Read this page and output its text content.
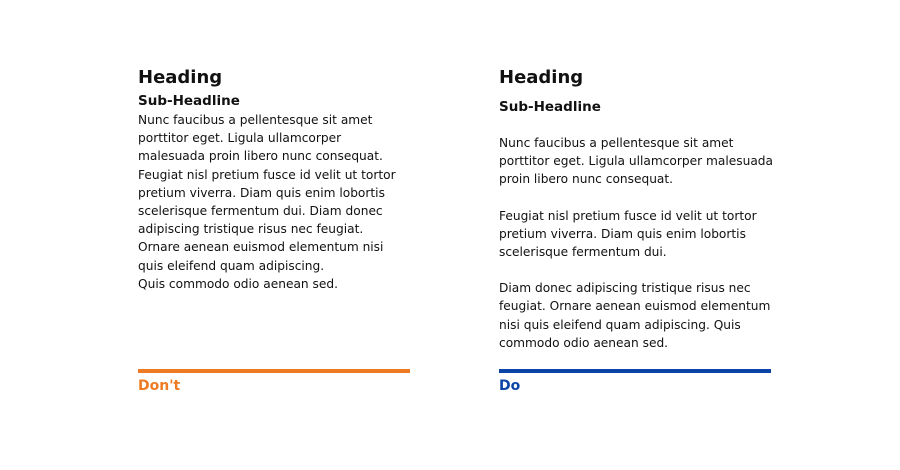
Heading

Sub-Headline

Nunc faucibus a pellentesque sit amet
porttitor eget. Ligula ullamcorper
malesuada proin libero nunc consequat.
Feugiat nisl pretium fusce id velit ut tortor
pretium viverra. Diam quis enim lobortis
scelerisque fermentum dui. Diam donec
adipiscing tristique risus nec feugiat.
Ornare aenean euismod elementum nisi
quis eleifend quam adipiscing.
Quis commodo odio aenean sed.

Heading

Sub-Headline

Nunc faucibus a pellentesque sit amet
porttitor eget. Ligula ullamcorper malesuada
proin libero nunc consequat.

Feugiat nisl pretium fusce id velit ut tortor
pretium viverra. Diam quis enim lobortis
scelerisque fermentum dui.

Diam donec adipiscing tristique risus nec
feugiat. Ornare aenean euismod elementum
nisi quis eleifend quam adipiscing. Quis
commodo odio aenean sed.

Don't	Do
